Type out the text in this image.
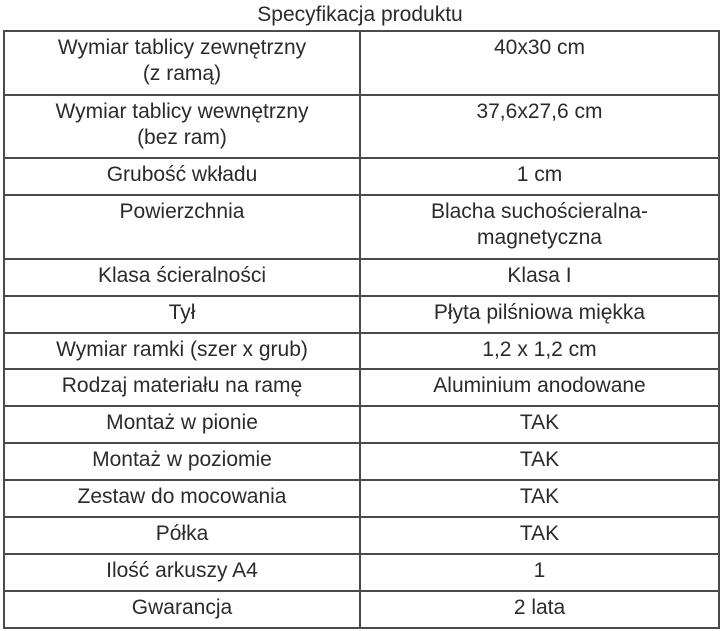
Specyfikacja produktu
Wymiar tablicy zewnętrzny
(z ramą)	40x30 cm
Wymiar tablicy wewnętrzny
(bez ram)	37,6x27,6 cm
Grubość wkładu	1 cm
Powierzchnia	Blacha suchościeralna-
magnetyczna
Klasa ścieralności	Klasa I
Tył	Płyta pilśniowa miękka
Wymiar ramki (szer x grub)	1,2 x 1,2 cm
Rodzaj materiału na ramę	Aluminium anodowane
Montaż w pionie	TAK
Montaż w poziomie	TAK
Zestaw do mocowania	TAK
Półka	TAK
Ilość arkuszy A4	1
Gwarancja	2 lata
